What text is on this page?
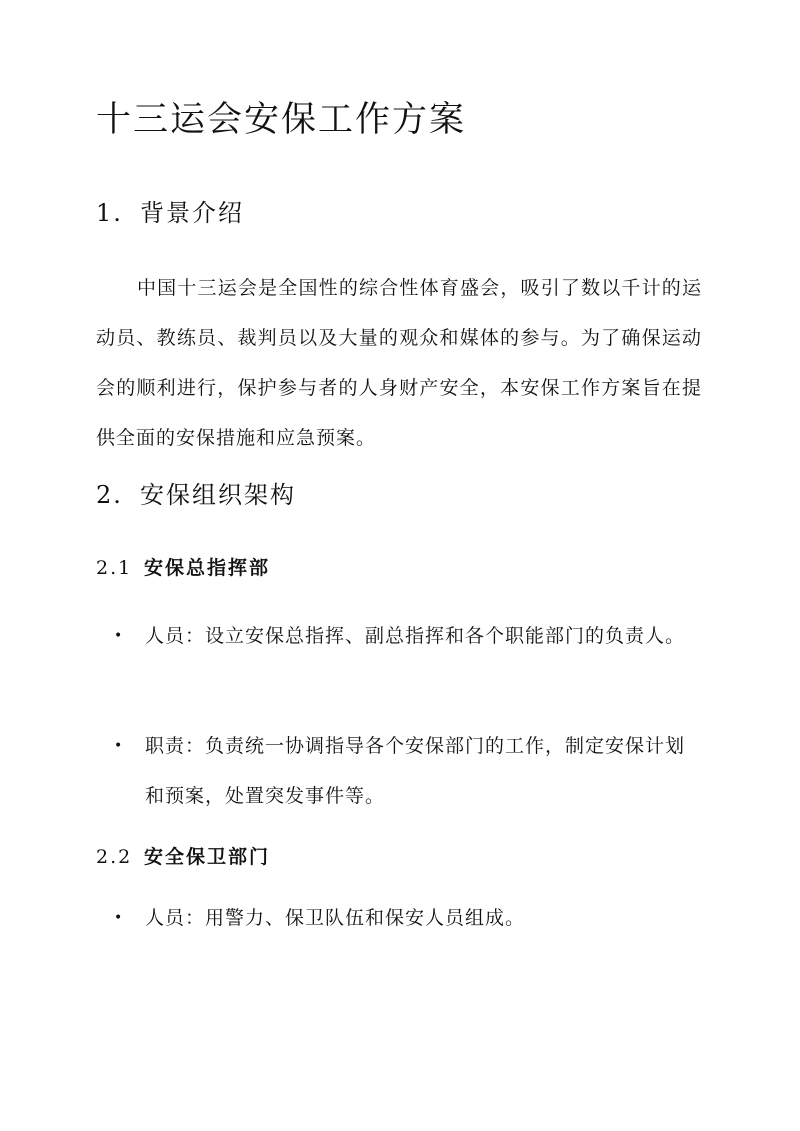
十三运会安保工作方案
1. 背景介绍

中国十三运会是全国性的综合性体育盛会，吸引了数以千计的运动员、教练员、裁判员以及大量的观众和媒体的参与。为了确保运动会的顺利进行，保护参与者的人身财产安全，本安保工作方案旨在提供全面的安保措施和应急预案。

2. 安保组织架构
2.1 安保总指挥部
•	人员：设立安保总指挥、副总指挥和各个职能部门的负责人。
•	职责：负责统一协调指导各个安保部门的工作，制定安保计划和预案，处置突发事件等。
2.2 安全保卫部门
•	人员：用警力、保卫队伍和保安人员组成。
